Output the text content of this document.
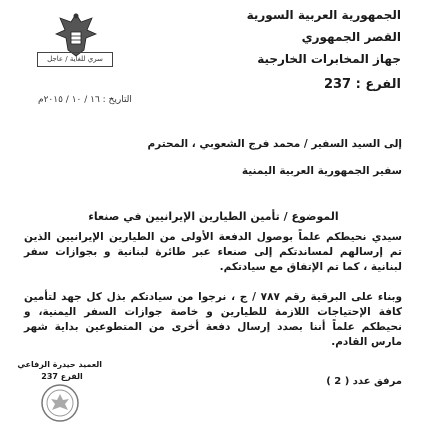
سري للغاية / عاجل
الجمهورية العربية السورية
القصر الجمهوري
جهاز المخابرات الخارجية
الفرع : 237
التاريخ : ١٦ / ١٠ / ٢٠١٥م
إلى السيد السفير / محمد فرج الشعوبي ، المحترم
سفير الجمهورية العربية اليمنية
الموضوع / تأمين الطيارين الإيرانيين في صنعاء
سيدي نحيطكم علماً بوصول الدفعة الأولى من الطيارين الإيرانيين الذين تم إرسالهم لمساندتكم إلى صنعاء عبر طائرة لبنانية و بجوازات سفر لبنانية ، كما تم الإتفاق مع سيادتكم.
وبناء على البرقية رقم ٧٨٧ / ج ، نرجوا من سيادتكم بذل كل جهد لتأمين كافة الإحتياجات اللازمة للطيارين و خاصة جوازات السفر اليمنية، و نحيطكم علماً أننا بصدد إرسال دفعة أخرى من المتطوعين بداية شهر مارس القادم.
العميد حيدرة الرفاعي
الفرع 237	مرفق عدد ( 2 )
